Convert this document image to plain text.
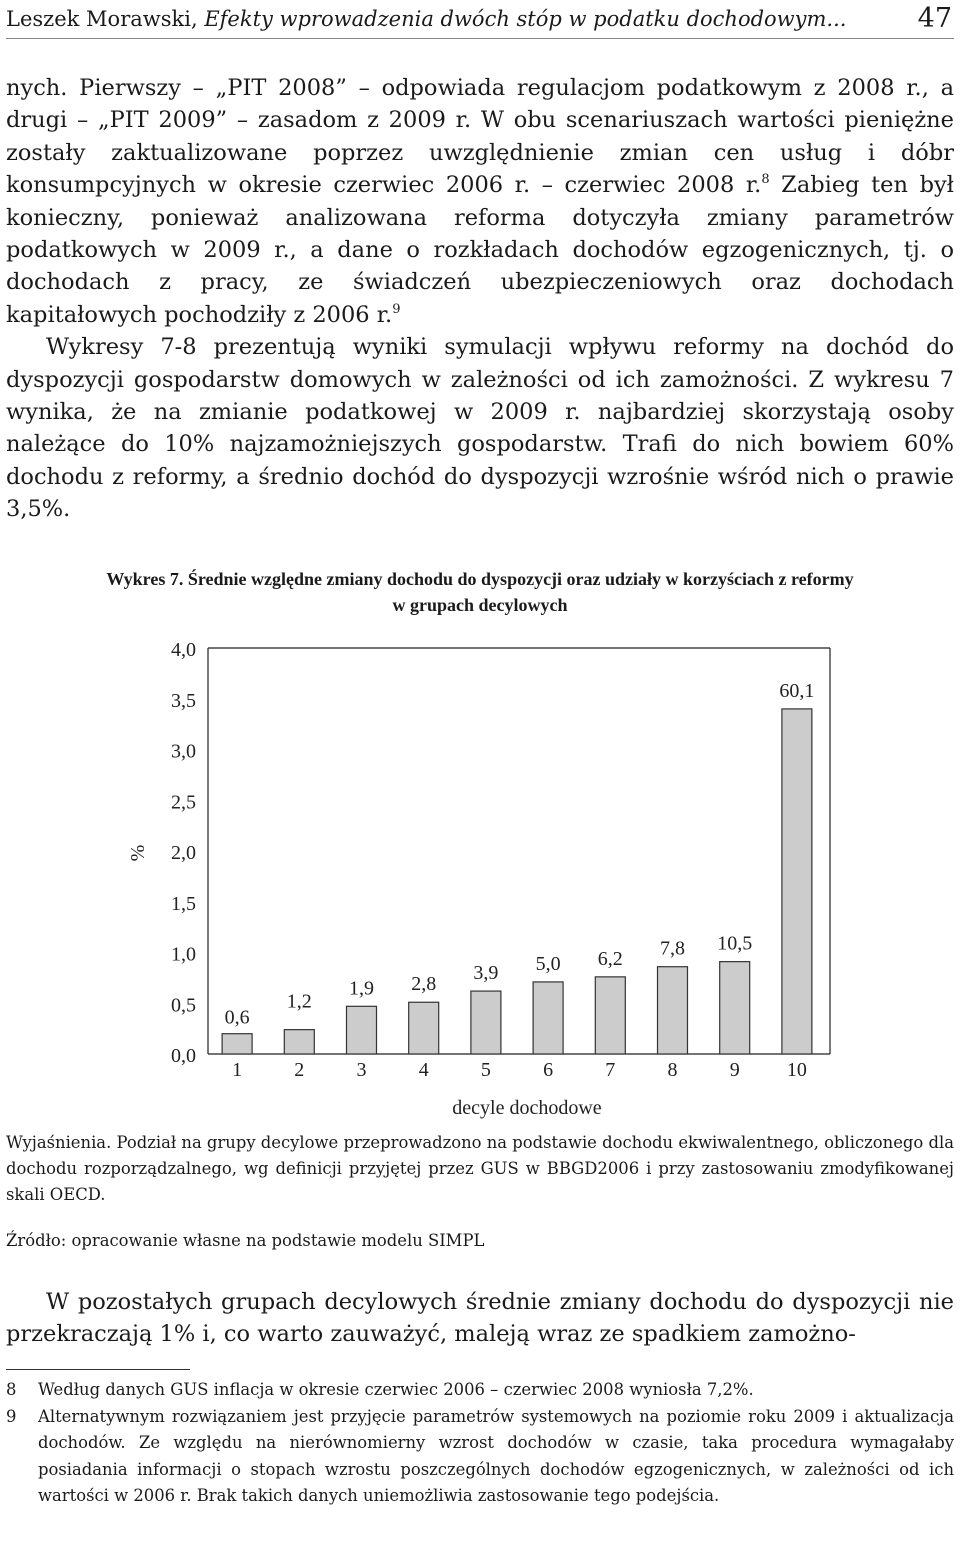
Leszek Morawski, Efekty wprowadzenia dwóch stóp w podatku dochodowym...	47

nych. Pierwszy – „PIT 2008” – odpowiada regulacjom podatkowym z 2008 r., a drugi – „PIT 2009” – zasadom z 2009 r. W obu scenariuszach wartości pieniężne zostały zaktualizowane poprzez uwzględnienie zmian cen usług i dóbr konsumpcyjnych w okresie czerwiec 2006 r. – czerwiec 2008 r.$^8$ Zabieg ten był konieczny, ponieważ analizowana reforma dotyczyła zmiany parametrów podatkowych w 2009 r., a dane o rozkładach dochodów egzogenicznych, tj. o dochodach z pracy, ze świadczeń ubezpieczeniowych oraz dochodach kapitałowych pochodziły z 2006 r.$^9$

Wykresy 7-8 prezentują wyniki symulacji wpływu reformy na dochód do dyspozycji gospodarstw domowych w zależności od ich zamożności. Z wykresu 7 wynika, że na zmianie podatkowej w 2009 r. najbardziej skorzystają osoby należące do 10% najzamożniejszych gospodarstw. Trafi do nich bowiem 60% dochodu z reformy, a średnio dochód do dyspozycji wzrośnie wśród nich o prawie 3,5%.

Wykres 7. Średnie względne zmiany dochodu do dyspozycji oraz udziały w korzyściach z reformy
w grupach decylowych
0,0
0,5
1,0
1,5
2,0
2,5
3,0
3,5
4,0
%
0,6
1
1,2
2
1,9
3
2,8
4
3,9
5
5,0
6
6,2
7
7,8
8
10,5
9
60,1
10
decyle dochodowe
Wyjaśnienia. Podział na grupy decylowe przeprowadzono na podstawie dochodu ekwiwalentnego, obliczonego dla dochodu rozporządzalnego, wg definicji przyjętej przez GUS w BBGD2006 i przy zastosowaniu zmodyfikowanej skali OECD.
Źródło: opracowanie własne na podstawie modelu SIMPL

W pozostałych grupach decylowych średnie zmiany dochodu do dyspozycji nie przekraczają 1% i, co warto zauważyć, maleją wraz ze spadkiem zamożno-

8 Według danych GUS inflacja w okresie czerwiec 2006 – czerwiec 2008 wyniosła 7,2%.
9 Alternatywnym rozwiązaniem jest przyjęcie parametrów systemowych na poziomie roku 2009 i aktualizacja dochodów. Ze względu na nierównomierny wzrost dochodów w czasie, taka procedura wymagałaby posiadania informacji o stopach wzrostu poszczególnych dochodów egzogenicznych, w zależności od ich wartości w 2006 r. Brak takich danych uniemożliwia zastosowanie tego podejścia.
